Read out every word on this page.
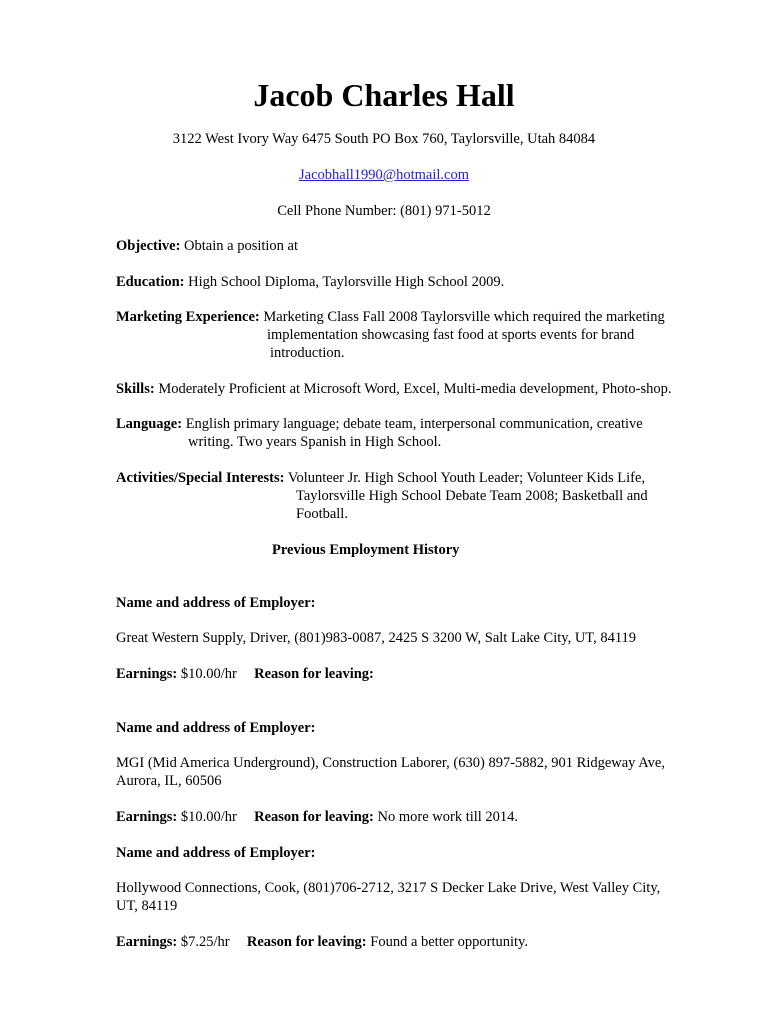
Jacob Charles Hall
3122 West Ivory Way 6475 South PO Box 760, Taylorsville, Utah 84084
Jacobhall1990@hotmail.com
Cell Phone Number: (801) 971-5012
Objective: Obtain a position at
Education: High School Diploma, Taylorsville High School 2009.
Marketing Experience: Marketing Class Fall 2008 Taylorsville which required the marketing
implementation showcasing fast food at sports events for brand
introduction.
Skills: Moderately Proficient at Microsoft Word, Excel, Multi-media development, Photo-shop.
Language: English primary language; debate team, interpersonal communication, creative
writing. Two years Spanish in High School.
Activities/Special Interests: Volunteer Jr. High School Youth Leader; Volunteer Kids Life,
Taylorsville High School Debate Team 2008; Basketball and
Football.
Previous Employment History
Name and address of Employer:
Great Western Supply, Driver, (801)983-0087, 2425 S 3200 W, Salt Lake City, UT, 84119
Earnings: $10.00/hr Reason for leaving:
Name and address of Employer:
MGI (Mid America Underground), Construction Laborer, (630) 897-5882, 901 Ridgeway Ave,
Aurora, IL, 60506
Earnings: $10.00/hr Reason for leaving: No more work till 2014.
Name and address of Employer:
Hollywood Connections, Cook, (801)706-2712, 3217 S Decker Lake Drive, West Valley City,
UT, 84119
Earnings: $7.25/hr Reason for leaving: Found a better opportunity.
